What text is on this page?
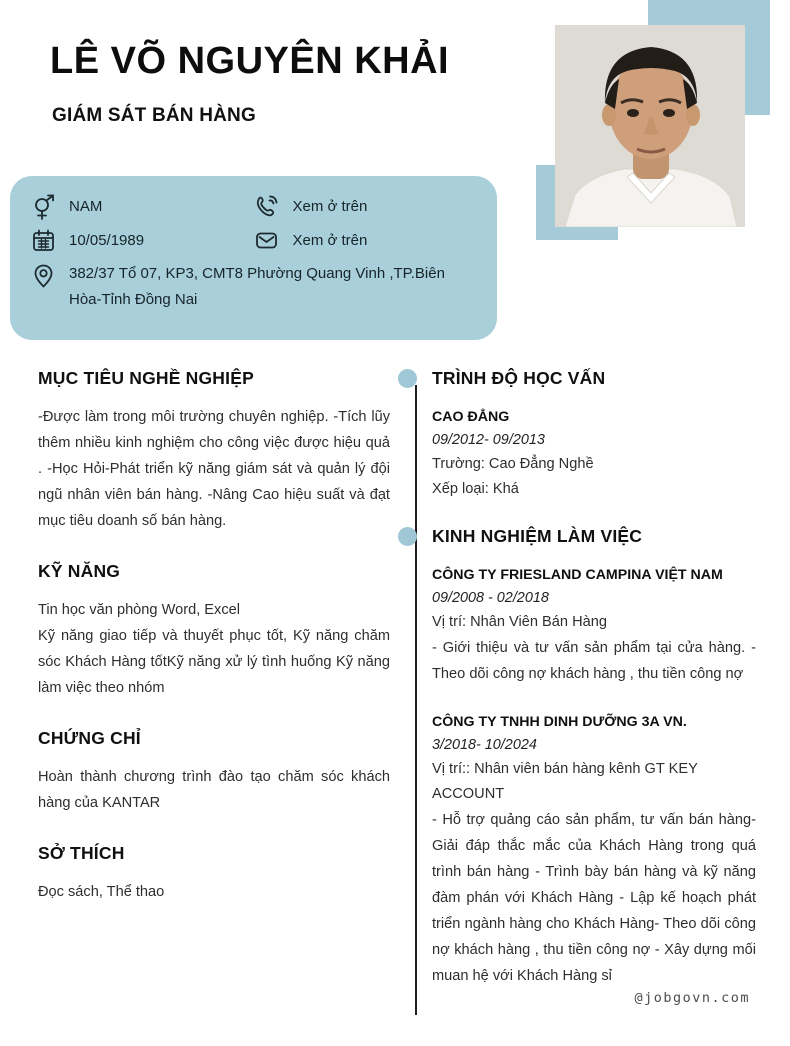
LÊ VÕ NGUYÊN KHẢI
GIÁM SÁT BÁN HÀNG
NAM	Xem ở trên
10/05/1989	Xem ở trên
382/37 Tổ 07, KP3, CMT8 Phường Quang Vinh ,TP.Biên Hòa-Tỉnh Đồng Nai
MỤC TIÊU NGHỀ NGHIỆP

-Được làm trong môi trường chuyên nghiệp. -Tích lũy thêm nhiều kinh nghiệm cho công việc được hiệu quả . -Học Hỏi-Phát triển kỹ năng giám sát và quản lý đội ngũ nhân viên bán hàng. -Nâng Cao hiệu suất và đạt mục tiêu doanh số bán hàng.

KỸ NĂNG

Tin học văn phòng Word, Excel

Kỹ năng giao tiếp và thuyết phục tốt, Kỹ năng chăm sóc Khách Hàng tốtKỹ năng xử lý tình huống Kỹ năng làm việc theo nhóm

CHỨNG CHỈ

Hoàn thành chương trình đào tạo chăm sóc khách hàng của KANTAR

SỞ THÍCH

Đọc sách, Thể thao

TRÌNH ĐỘ HỌC VẤN
CAO ĐẲNG
09/2012- 09/2013
Trường: Cao Đẳng Nghề
Xếp loại: Khá
KINH NGHIỆM LÀM VIỆC
CÔNG TY FRIESLAND CAMPINA VIỆT NAM
09/2008 - 02/2018
Vị trí: Nhân Viên Bán Hàng
- Giới thiệu và tư vấn sản phẩm tại cửa hàng. - Theo dõi công nợ khách hàng , thu tiền công nợ
CÔNG TY TNHH DINH DƯỠNG 3A VN.
3/2018- 10/2024
Vị trí:: Nhân viên bán hàng kênh GT KEY ACCOUNT
- Hỗ trợ quảng cáo sản phẩm, tư vấn bán hàng-Giải đáp thắc mắc của Khách Hàng trong quá trình bán hàng - Trình bày bán hàng và kỹ năng đàm phán với Khách Hàng - Lập kế hoạch phát triển ngành hàng cho Khách Hàng- Theo dõi công nợ khách hàng , thu tiền công nợ - Xây dựng mối muan hệ với Khách Hàng sỉ
@jobgovn.com
